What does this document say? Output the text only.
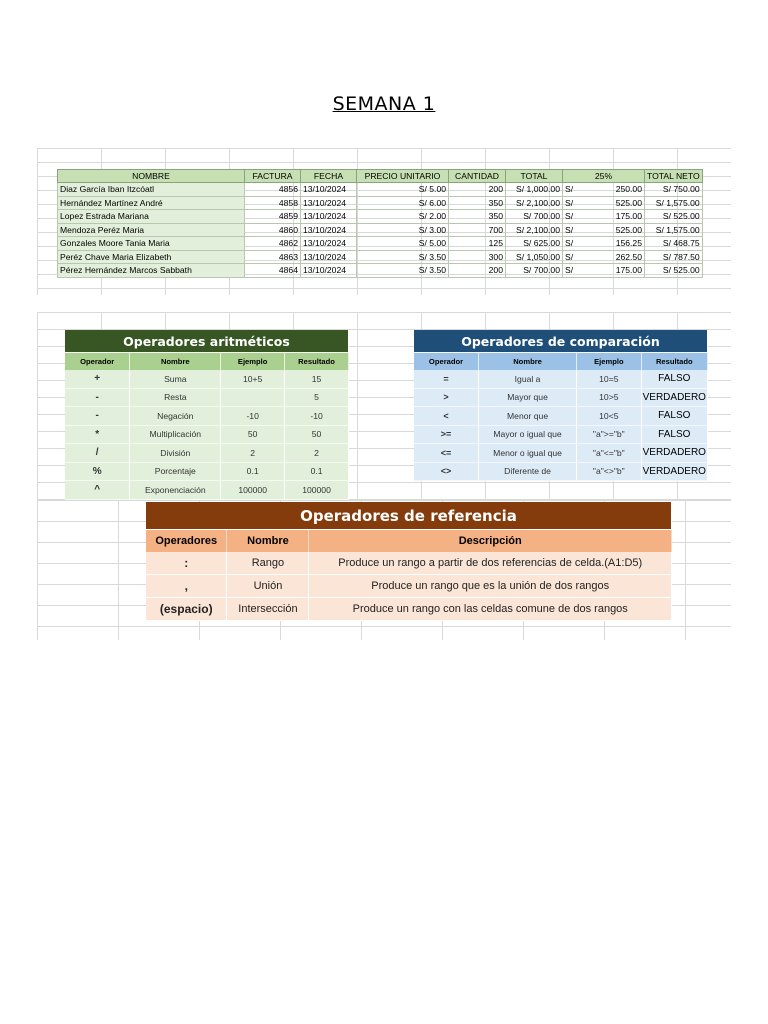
SEMANA 1
NOMBRE	FACTURA	FECHA	PRECIO UNITARIO	CANTIDAD	TOTAL	25%	TOTAL NETO
Diaz García Iban Itzcóatl	4856	13/10/2024	S/ 5.00	200	S/ 1,000.00	S/ 250.00	S/ 750.00
Hernández Martínez André	4858	13/10/2024	S/ 6.00	350	S/ 2,100.00	S/ 525.00	S/ 1,575.00
Lopez Estrada Mariana	4859	13/10/2024	S/ 2.00	350	S/ 700.00	S/ 175.00	S/ 525.00
Mendoza Peréz Maria	4860	13/10/2024	S/ 3.00	700	S/ 2,100.00	S/ 525.00	S/ 1,575.00
Gonzales Moore Tania Maria	4862	13/10/2024	S/ 5.00	125	S/ 625.00	S/ 156.25	S/ 468.75
Peréz Chave Maria Elizabeth	4863	13/10/2024	S/ 3.50	300	S/ 1,050.00	S/ 262.50	S/ 787.50
Pérez Hernández Marcos Sabbath	4864	13/10/2024	S/ 3.50	200	S/ 700.00	S/ 175.00	S/ 525.00
Operadores aritméticos			
Operador	Nombre	Ejemplo	Resultado
+	Suma	10+5	15
-	Resta		5
-	Negación	-10	-10
*	Multiplicación	50	50
/	División	2	2
%	Porcentaje	0.1	0.1
^	Exponenciación	100000	100000
Operadores de comparación			
Operador	Nombre	Ejemplo	Resultado
=	Igual a	10=5	FALSO
>	Mayor que	10>5	VERDADERO
<	Menor que	10<5	FALSO
>=	Mayor o igual que	"a">="b"	FALSO
<=	Menor o igual que	"a"<="b"	VERDADERO
<>	Diferente de	"a"<>"b"	VERDADERO
Operadores de referencia		
Operadores	Nombre	Descripción
:	Rango	Produce un rango a partir de dos referencias de celda.(A1:D5)
,	Unión	Produce un rango que es la unión de dos rangos
(espacio)	Intersección	Produce un rango con las celdas comune de dos rangos
